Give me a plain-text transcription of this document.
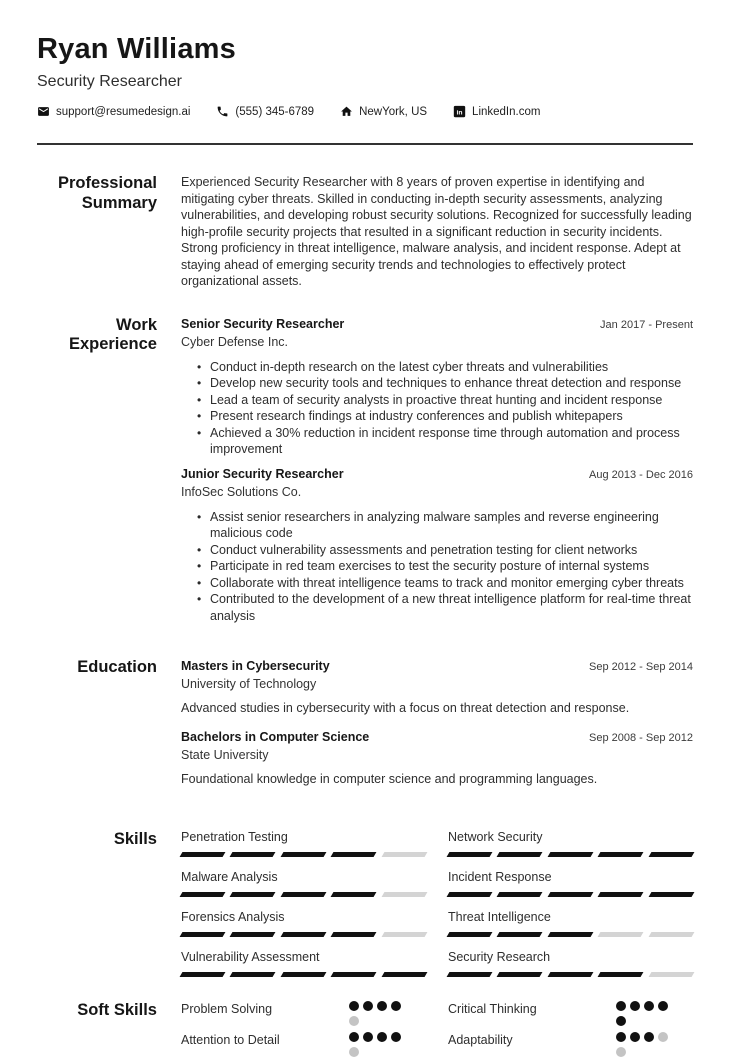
Ryan Williams
Security Researcher
support@resumedesign.ai	(555) 345-6789	NewYork, US in LinkedIn.com
Professional Summary

Experienced Security Researcher with 8 years of proven expertise in identifying and mitigating cyber threats. Skilled in conducting in-depth security assessments, analyzing vulnerabilities, and developing robust security solutions. Recognized for successfully leading high-profile security projects that resulted in a significant reduction in security incidents. Strong proficiency in threat intelligence, malware analysis, and incident response. Adept at staying ahead of emerging security trends and technologies to effectively protect organizational assets.

Work Experience
Senior Security Researcher	Jan 2017 - Present
Cyber Defense Inc.
• Conduct in-depth research on the latest cyber threats and vulnerabilities
• Develop new security tools and techniques to enhance threat detection and response
• Lead a team of security analysts in proactive threat hunting and incident response
• Present research findings at industry conferences and publish whitepapers
• Achieved a 30% reduction in incident response time through automation and process improvement
Junior Security Researcher	Aug 2013 - Dec 2016
InfoSec Solutions Co.
• Assist senior researchers in analyzing malware samples and reverse engineering malicious code
• Conduct vulnerability assessments and penetration testing for client networks
• Participate in red team exercises to test the security posture of internal systems
• Collaborate with threat intelligence teams to track and monitor emerging cyber threats
• Contributed to the development of a new threat intelligence platform for real-time threat analysis
Education Masters in Cybersecurity	Sep 2012 - Sep 2014
University of Technology
Advanced studies in cybersecurity with a focus on threat detection and response.
Bachelors in Computer Science	Sep 2008 - Sep 2012
State University
Foundational knowledge in computer science and programming languages.
Skills Penetration Testing	Network Security
Malware Analysis	Incident Response
Forensics Analysis	Threat Intelligence
Vulnerability Assessment	Security Research
Soft Skills Problem Solving	Critical Thinking
Attention to Detail	Adaptability
